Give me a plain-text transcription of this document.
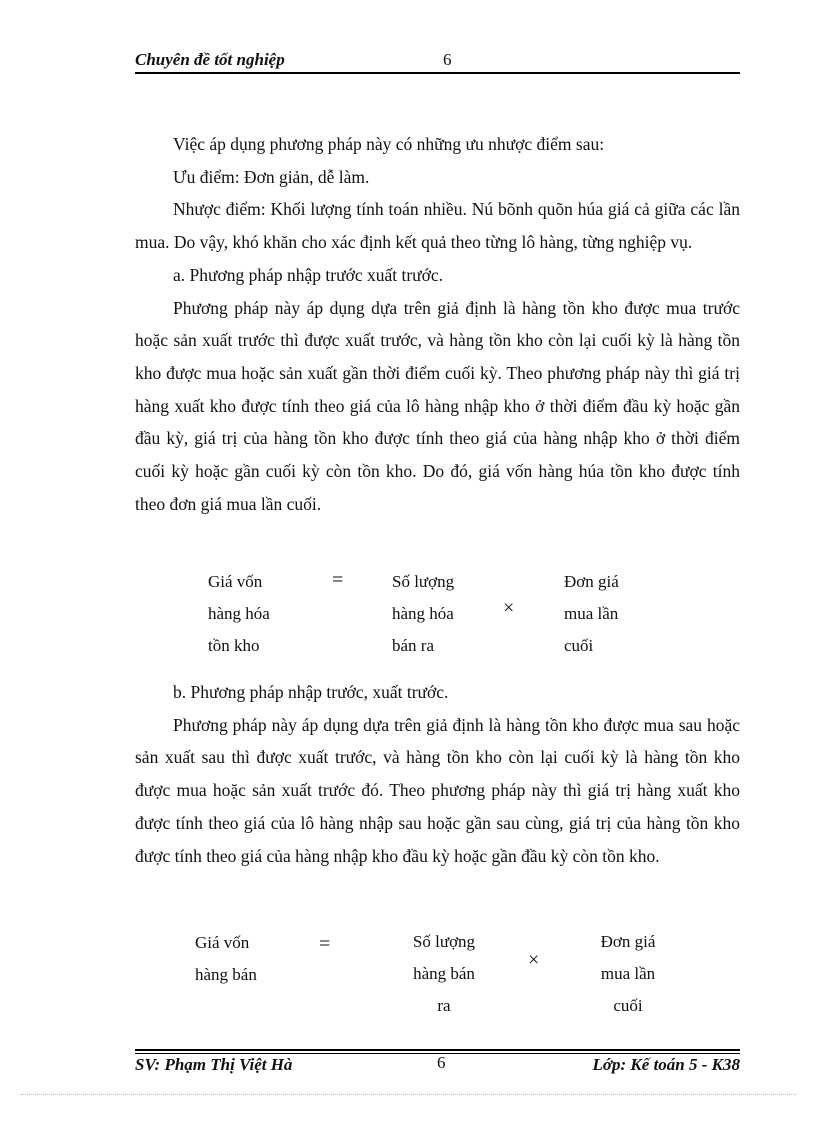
Chuyên đề tốt nghiệp	6

Việc áp dụng phương pháp này có những ưu nhược điểm sau:

Ưu điểm: Đơn giản, dễ làm.

Nhược điểm: Khối lượng tính toán nhiều. Nú bõnh quõn húa giá cả giữa các lần mua. Do vậy, khó khăn cho xác định kết quả theo từng lô hàng, từng nghiệp vụ.

a. Phương pháp nhập trước xuất trước.

Phương pháp này áp dụng dựa trên giả định là hàng tồn kho được mua trước hoặc sản xuất trước thì được xuất trước, và hàng tồn kho còn lại cuối kỳ là hàng tồn kho được mua hoặc sản xuất gần thời điểm cuối kỳ. Theo phương pháp này thì giá trị hàng xuất kho được tính theo giá của lô hàng nhập kho ở thời điểm đầu kỳ hoặc gần đầu kỳ, giá trị của hàng tồn kho được tính theo giá của hàng nhập kho ở thời điểm cuối kỳ hoặc gần cuối kỳ còn tồn kho. Do đó, giá vốn hàng húa tồn kho được tính theo đơn giá mua lần cuối.

Giá vốn
hàng hóa
tồn kho
=	Số lượng
hàng hóa
bán ra
×
Đơn giá
mua lần
cuối

b. Phương pháp nhập trước, xuất trước.

Phương pháp này áp dụng dựa trên giả định là hàng tồn kho được mua sau hoặc sản xuất sau thì được xuất trước, và hàng tồn kho còn lại cuối kỳ là hàng tồn kho được mua hoặc sản xuất trước đó. Theo phương pháp này thì giá trị hàng xuất kho được tính theo giá của lô hàng nhập sau hoặc gần sau cùng, giá trị của hàng tồn kho được tính theo giá của hàng nhập kho đầu kỳ hoặc gần đầu kỳ còn tồn kho.

Giá vốn
hàng bán
=	Số lượng
hàng bán
ra
×
Đơn giá
mua lần
cuối
SV: Phạm Thị Việt Hà	6	Lớp: Kế toán 5 - K38
